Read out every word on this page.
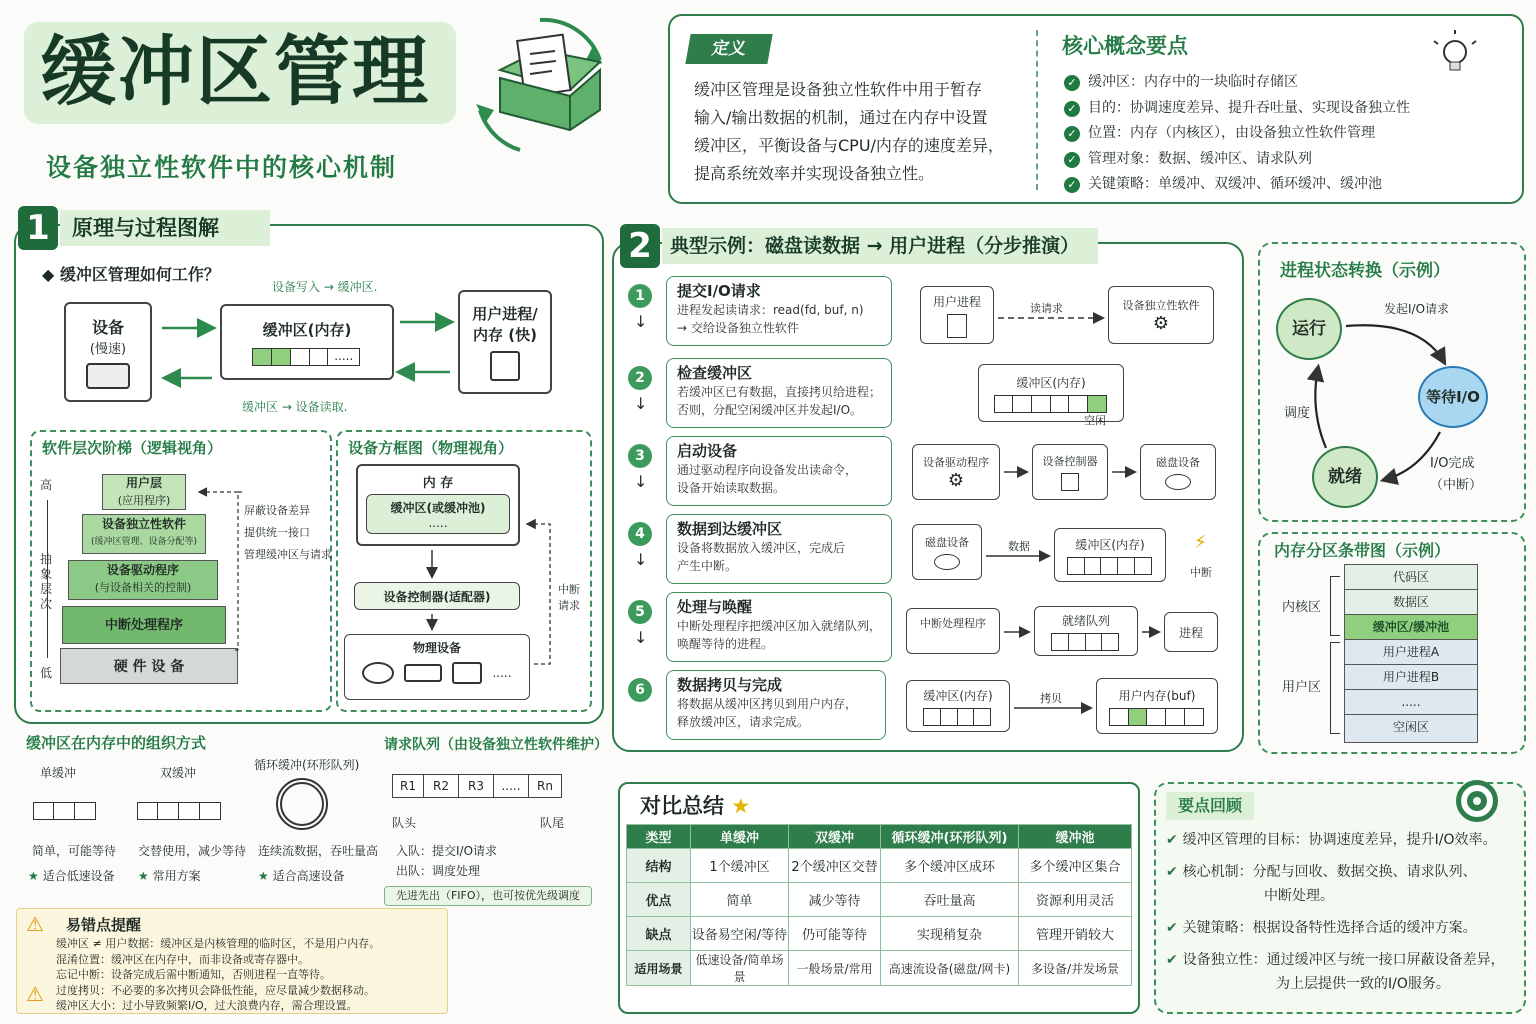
缓冲区管理
设备独立性软件中的核心机制
定义
缓冲区管理是设备独立性软件中用于暂存
输入/输出数据的机制，通过在内存中设置
缓冲区，平衡设备与CPU/内存的速度差异，
提高系统效率并实现设备独立性。
核心概念要点
✓ 缓冲区：内存中的一块临时存储区
✓ 目的：协调速度差异、提升吞吐量、实现设备独立性
✓ 位置：内存（内核区），由设备独立性软件管理
✓ 管理对象：数据、缓冲区、请求队列
✓ 关键策略：单缓冲、双缓冲、循环缓冲、缓冲池
1	原理与过程图解
◆ 缓冲区管理如何工作？
设备写入 → 缓冲区.
缓冲区 → 设备读取.
设备
(慢速)
缓冲区(内存)
.....
用户进程/
内存 (快)
软件层次阶梯（逻辑视角）
高
低
抽象层次
用户层
(应用程序)
设备独立性软件
(缓冲区管理、设备分配等)
设备驱动程序
(与设备相关的控制)
中断处理程序
硬 件 设 备
屏蔽设备差异
提供统一接口
管理缓冲区与请求
设备方框图（物理视角）
内 存
缓冲区(或缓冲池)
.....
设备控制器(适配器)
物理设备
.....
中断
请求
缓冲区在内存中的组织方式
单缓冲	双缓冲
循环缓冲(环形队列)
简单，可能等待 交替使用，减少等待 连续流数据，吞吐量高
★ 适合低速设备 ★ 常用方案	★ 适合高速设备
请求队列（由设备独立性软件维护）
R1	R2	R3	.....	Rn
队头	队尾
入队：提交I/O请求
出队：调度处理
先进先出（FIFO），也可按优先级调度
⚠ 易错点提醒
⚠
缓冲区 ≠ 用户数据：缓冲区是内核管理的临时区，不是用户内存。
混淆位置：缓冲区在内存中，而非设备或寄存器中。
忘记中断：设备完成后需中断通知，否则进程一直等待。
过度拷贝：不必要的多次拷贝会降低性能，应尽量减少数据移动。
缓冲区大小：过小导致频繁I/O，过大浪费内存，需合理设置。
2 典型示例：磁盘读数据 → 用户进程（分步推演）
1
↓
提交I/O请求
进程发起读请求：read(fd, buf, n)
→ 交给设备独立性软件
2
↓
检查缓冲区
若缓冲区已有数据，直接拷贝给进程；
否则，分配空闲缓冲区并发起I/O。
3
↓
启动设备
通过驱动程序向设备发出读命令，
设备开始读取数据。
4
↓
数据到达缓冲区
设备将数据放入缓冲区，完成后
产生中断。
5
↓
处理与唤醒
中断处理程序把缓冲区加入就绪队列，
唤醒等待的进程。
6	数据拷贝与完成
将数据从缓冲区拷贝到用户内存，
释放缓冲区，请求完成。
用户进程	读请求	设备独立性软件
⚙
缓冲区(内存)
空闲
设备驱动程序
⚙
设备控制器	磁盘设备
磁盘设备	数据	缓冲区(内存)	⚡
中断
中断处理程序	就绪队列
进程
缓冲区(内存)	拷贝	用户内存(buf)
进程状态转换（示例）
运行
等待I/O
就绪
发起I/O请求
I/O完成
（中断）
调度
内存分区条带图（示例）
内核区
用户区
代码区
数据区
缓冲区/缓冲池
用户进程A
用户进程B
.....
空闲区
对比总结 ★
类型	单缓冲	双缓冲	循环缓冲(环形队列)	缓冲池
结构	1个缓冲区	2个缓冲区交替	多个缓冲区成环	多个缓冲区集合
优点	简单	减少等待	吞吐量高	资源利用灵活
缺点	设备易空闲/等待	仍可能等待	实现稍复杂	管理开销较大
适用场景	低速设备/简单场景	一般场景/常用	高速流设备(磁盘/网卡)	多设备/并发场景
要点回顾
✔ 缓冲区管理的目标：协调速度差异，提升I/O效率。
✔ 核心机制：分配与回收、数据交换、请求队列、
中断处理。
✔ 关键策略：根据设备特性选择合适的缓冲方案。
✔ 设备独立性：通过缓冲区与统一接口屏蔽设备差异，
为上层提供一致的I/O服务。
